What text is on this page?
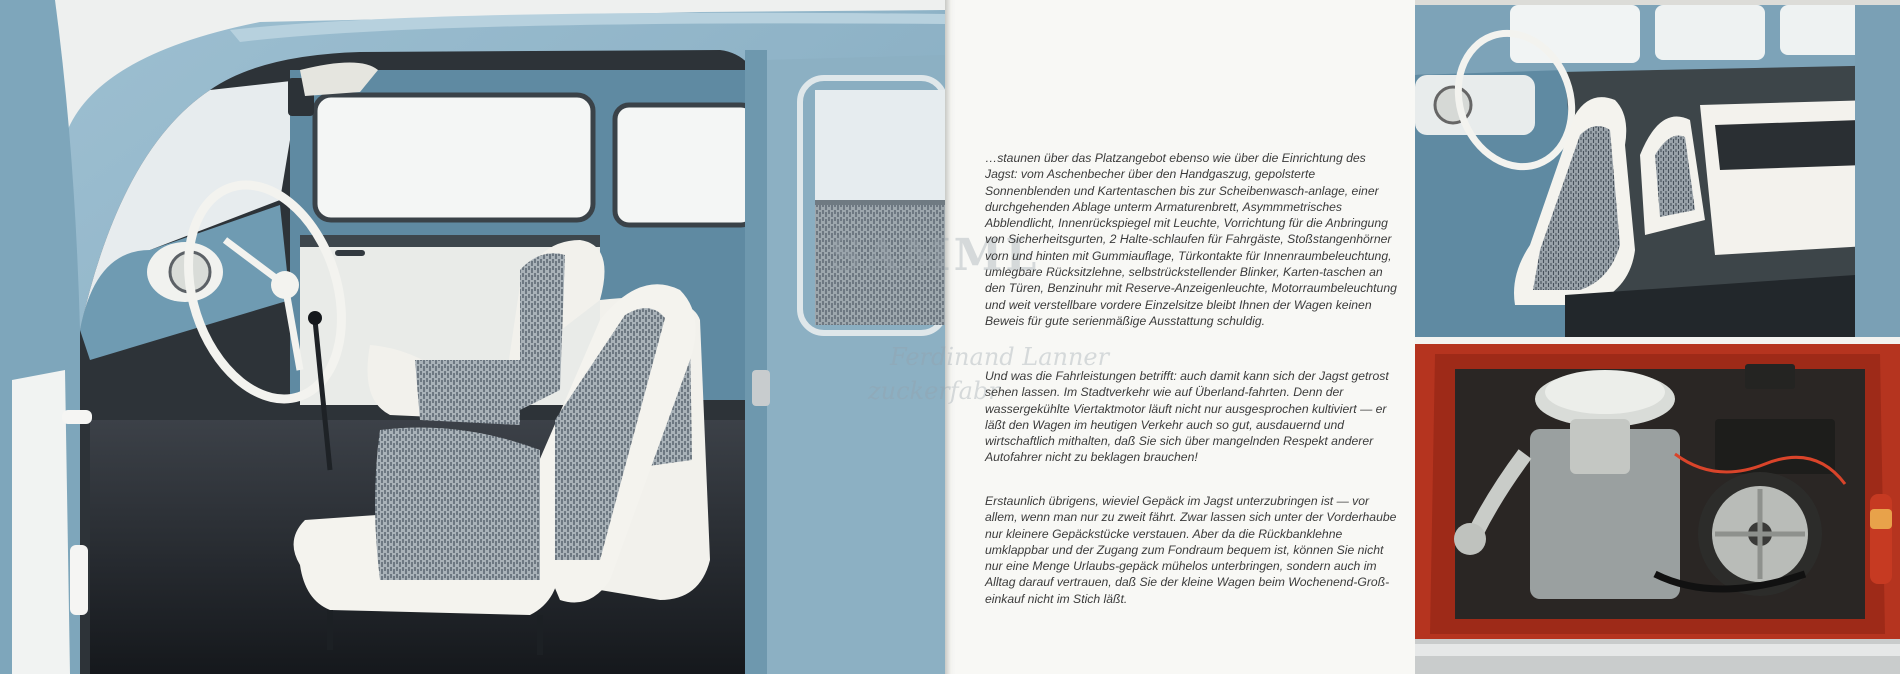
SAMML
Ferdinand Lanner
zuckerfabr

…staunen über das Platzangebot ebenso wie über die Einrichtung des Jagst: vom Aschenbecher über den Handgaszug, gepolsterte Sonnenblenden und Kartentaschen bis zur Scheibenwasch-anlage, einer durchgehenden Ablage unterm Armaturenbrett, Asymmmetrisches Abblendlicht, Innenrückspiegel mit Leuchte, Vorrichtung für die Anbringung von Sicherheitsgurten, 2 Halte-schlaufen für Fahrgäste, Stoßstangenhörner vorn und hinten mit Gummiauflage, Türkontakte für Innenraumbeleuchtung, umlegbare Rücksitzlehne, selbstrückstellender Blinker, Karten-taschen an den Türen, Benzinuhr mit Reserve-Anzeigenleuchte, Motorraumbeleuchtung und weit verstellbare vordere Einzelsitze bleibt Ihnen der Wagen keinen Beweis für gute serienmäßige Ausstattung schuldig.

Und was die Fahrleistungen betrifft: auch damit kann sich der Jagst getrost sehen lassen. Im Stadtverkehr wie auf Überland-fahrten. Denn der wassergekühlte Viertaktmotor läuft nicht nur ausgesprochen kultiviert — er läßt den Wagen im heutigen Verkehr auch so gut, ausdauernd und wirtschaftlich mithalten, daß Sie sich über mangelnden Respekt anderer Autofahrer nicht zu beklagen brauchen!

Erstaunlich übrigens, wieviel Gepäck im Jagst unterzubringen ist — vor allem, wenn man nur zu zweit fährt. Zwar lassen sich unter der Vorderhaube nur kleinere Gepäckstücke verstauen. Aber da die Rückbanklehne umklappbar und der Zugang zum Fondraum bequem ist, können Sie nicht nur eine Menge Urlaubs-gepäck mühelos unterbringen, sondern auch im Alltag darauf vertrauen, daß Sie der kleine Wagen beim Wochenend-Groß-einkauf nicht im Stich läßt.
